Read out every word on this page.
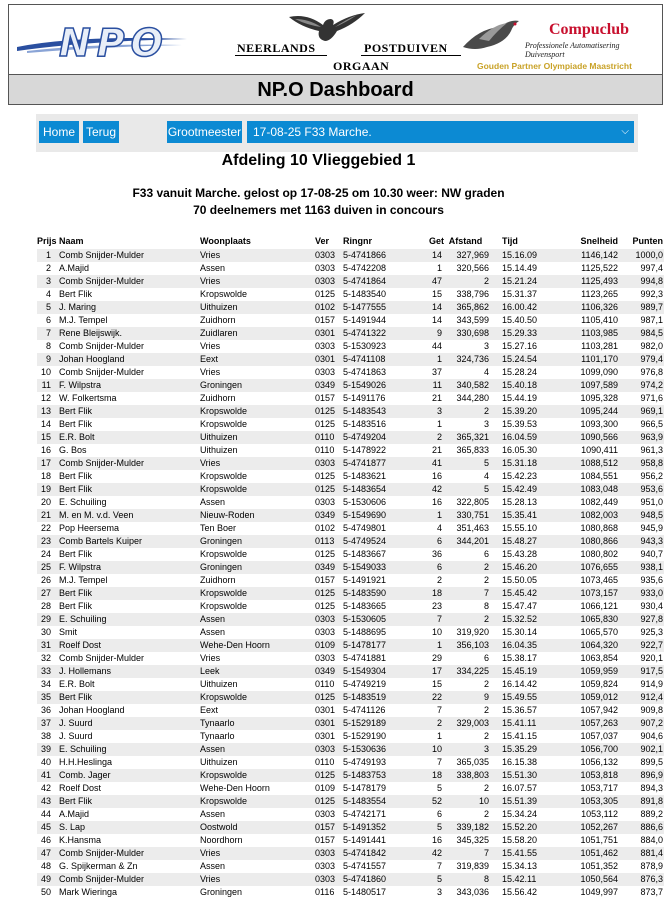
NPO	NEERLANDS	POSTDUIVEN
ORGAAN
Compuclub
Professionele Automatisering Duivensport
Gouden Partner Olympiade Maastricht
NP.O Dashboard
Home Terug	Grootmeester 17-08-25 F33 Marche.	⌵
Afdeling 10 Vlieggebied 1
F33 vanuit Marche. gelost op 17-08-25 om 10.30 weer: NW graden
70 deelnemers met 1163 duiven in concours
Prijs	Naam	Woonplaats	Ver	Ringnr	Get	Afstand	Tijd	Snelheid	Punten
1	Comb Snijder-Mulder	Vries	0303	5-4741866	14	327,969	15.16.09	1146,142	1000,0
2	A.Majid	Assen	0303	5-4742208	1	320,566	15.14.49	1125,522	997,4
3	Comb Snijder-Mulder	Vries	0303	5-4741864	47	2	15.21.24	1125,493	994,8
4	Bert Flik	Kropswolde	0125	5-1483540	15	338,796	15.31.37	1123,265	992,3
5	J. Maring	Uithuizen	0102	5-1477555	14	365,862	16.00.42	1106,326	989,7
6	M.J. Tempel	Zuidhorn	0157	5-1491944	14	343,599	15.40.50	1105,410	987,1
7	Rene Bleijswijk.	Zuidlaren	0301	5-4741322	9	330,698	15.29.33	1103,985	984,5
8	Comb Snijder-Mulder	Vries	0303	5-1530923	44	3	15.27.16	1103,281	982,0
9	Johan Hoogland	Eext	0301	5-4741108	1	324,736	15.24.54	1101,170	979,4
10	Comb Snijder-Mulder	Vries	0303	5-4741863	37	4	15.28.24	1099,090	976,8
11	F. Wilpstra	Groningen	0349	5-1549026	11	340,582	15.40.18	1097,589	974,2
12	W. Folkertsma	Zuidhorn	0157	5-1491176	21	344,280	15.44.19	1095,328	971,6
13	Bert Flik	Kropswolde	0125	5-1483543	3	2	15.39.20	1095,244	969,1
14	Bert Flik	Kropswolde	0125	5-1483516	1	3	15.39.53	1093,300	966,5
15	E.R. Bolt	Uithuizen	0110	5-4749204	2	365,321	16.04.59	1090,566	963,9
16	G. Bos	Uithuizen	0110	5-1478922	21	365,833	16.05.30	1090,411	961,3
17	Comb Snijder-Mulder	Vries	0303	5-4741877	41	5	15.31.18	1088,512	958,8
18	Bert Flik	Kropswolde	0125	5-1483621	16	4	15.42.23	1084,551	956,2
19	Bert Flik	Kropswolde	0125	5-1483654	42	5	15.42.49	1083,048	953,6
20	E. Schuiling	Assen	0303	5-1530606	16	322,805	15.28.13	1082,449	951,0
21	M. en M. v.d. Veen	Nieuw-Roden	0349	5-1549690	1	330,751	15.35.41	1082,003	948,5
22	Pop Heersema	Ten Boer	0102	5-4749801	4	351,463	15.55.10	1080,868	945,9
23	Comb Bartels Kuiper	Groningen	0113	5-4749524	6	344,201	15.48.27	1080,866	943,3
24	Bert Flik	Kropswolde	0125	5-1483667	36	6	15.43.28	1080,802	940,7
25	F. Wilpstra	Groningen	0349	5-1549033	6	2	15.46.20	1076,655	938,1
26	M.J. Tempel	Zuidhorn	0157	5-1491921	2	2	15.50.05	1073,465	935,6
27	Bert Flik	Kropswolde	0125	5-1483590	18	7	15.45.42	1073,157	933,0
28	Bert Flik	Kropswolde	0125	5-1483665	23	8	15.47.47	1066,121	930,4
29	E. Schuiling	Assen	0303	5-1530605	7	2	15.32.52	1065,830	927,8
30	Smit	Assen	0303	5-1488695	10	319,920	15.30.14	1065,570	925,3
31	Roelf Dost	Wehe-Den Hoorn	0109	5-1478177	1	356,103	16.04.35	1064,320	922,7
32	Comb Snijder-Mulder	Vries	0303	5-4741881	29	6	15.38.17	1063,854	920,1
33	J. Hollemans	Leek	0349	5-1549304	17	334,225	15.45.19	1059,959	917,5
34	E.R. Bolt	Uithuizen	0110	5-4749219	15	2	16.14.42	1059,824	914,9
35	Bert Flik	Kropswolde	0125	5-1483519	22	9	15.49.55	1059,012	912,4
36	Johan Hoogland	Eext	0301	5-4741126	7	2	15.36.57	1057,942	909,8
37	J. Suurd	Tynaarlo	0301	5-1529189	2	329,003	15.41.11	1057,263	907,2
38	J. Suurd	Tynaarlo	0301	5-1529190	1	2	15.41.15	1057,037	904,6
39	E. Schuiling	Assen	0303	5-1530636	10	3	15.35.29	1056,700	902,1
40	H.H.Heslinga	Uithuizen	0110	5-4749193	7	365,035	16.15.38	1056,132	899,5
41	Comb. Jager	Kropswolde	0125	5-1483753	18	338,803	15.51.30	1053,818	896,9
42	Roelf Dost	Wehe-Den Hoorn	0109	5-1478179	5	2	16.07.57	1053,717	894,3
43	Bert Flik	Kropswolde	0125	5-1483554	52	10	15.51.39	1053,305	891,8
44	A.Majid	Assen	0303	5-4742171	6	2	15.34.24	1053,112	889,2
45	S. Lap	Oostwold	0157	5-1491352	5	339,182	15.52.20	1052,267	886,6
46	K.Hansma	Noordhorn	0157	5-1491441	16	345,325	15.58.20	1051,751	884,0
47	Comb Snijder-Mulder	Vries	0303	5-4741842	42	7	15.41.55	1051,462	881,4
48	G. Spijkerman & Zn	Assen	0303	5-4741557	7	319,839	15.34.13	1051,352	878,9
49	Comb Snijder-Mulder	Vries	0303	5-4741860	5	8	15.42.11	1050,564	876,3
50	Mark Wieringa	Groningen	0116	5-1480517	3	343,036	15.56.42	1049,997	873,7
